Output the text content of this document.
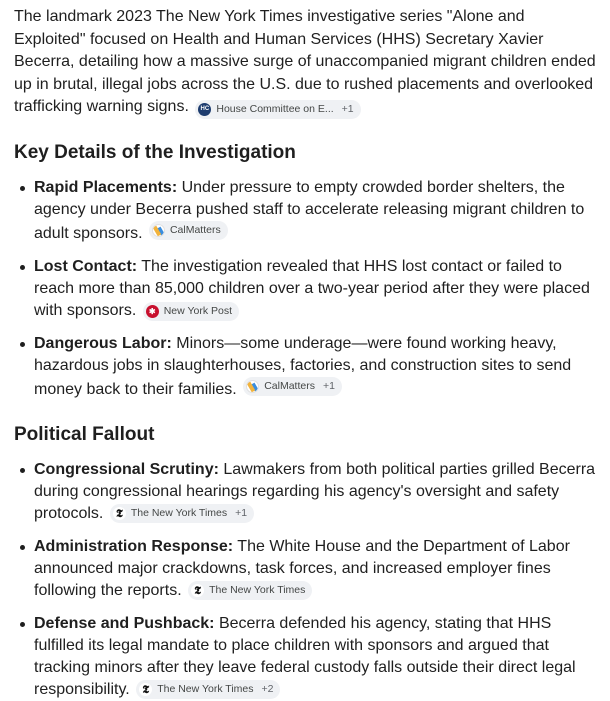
The landmark 2023 The New York Times investigative series "Alone and Exploited" focused on Health and Human Services (HHS) Secretary Xavier Becerra, detailing how a massive surge of unaccompanied migrant children ended up in brutal, illegal jobs across the U.S. due to rushed placements and overlooked trafficking warning signs.	HC House Committee on E... +1

Key Details of the Investigation
Rapid Placements: Under pressure to empty crowded border shelters, the agency under Becerra pushed staff to accelerate releasing migrant children to adult sponsors.	CalMatters
Lost Contact: The investigation revealed that HHS lost contact or failed to reach more than 85,000 children over a two-year period after they were placed with sponsors.	✱ New York Post
Dangerous Labor: Minors—some underage—were found working heavy, hazardous jobs in slaughterhouses, factories, and construction sites to send money back to their families.	CalMatters +1
Political Fallout
Congressional Scrutiny: Lawmakers from both political parties grilled Becerra during congressional hearings regarding his agency's oversight and safety protocols. 𝕿 The New York Times +1
Administration Response: The White House and the Department of Labor announced major crackdowns, task forces, and increased employer fines following the reports. 𝕿 The New York Times
Defense and Pushback: Becerra defended his agency, stating that HHS fulfilled its legal mandate to place children with sponsors and argued that tracking minors after they leave federal custody falls outside their direct legal responsibility. 𝕿 The New York Times +2
